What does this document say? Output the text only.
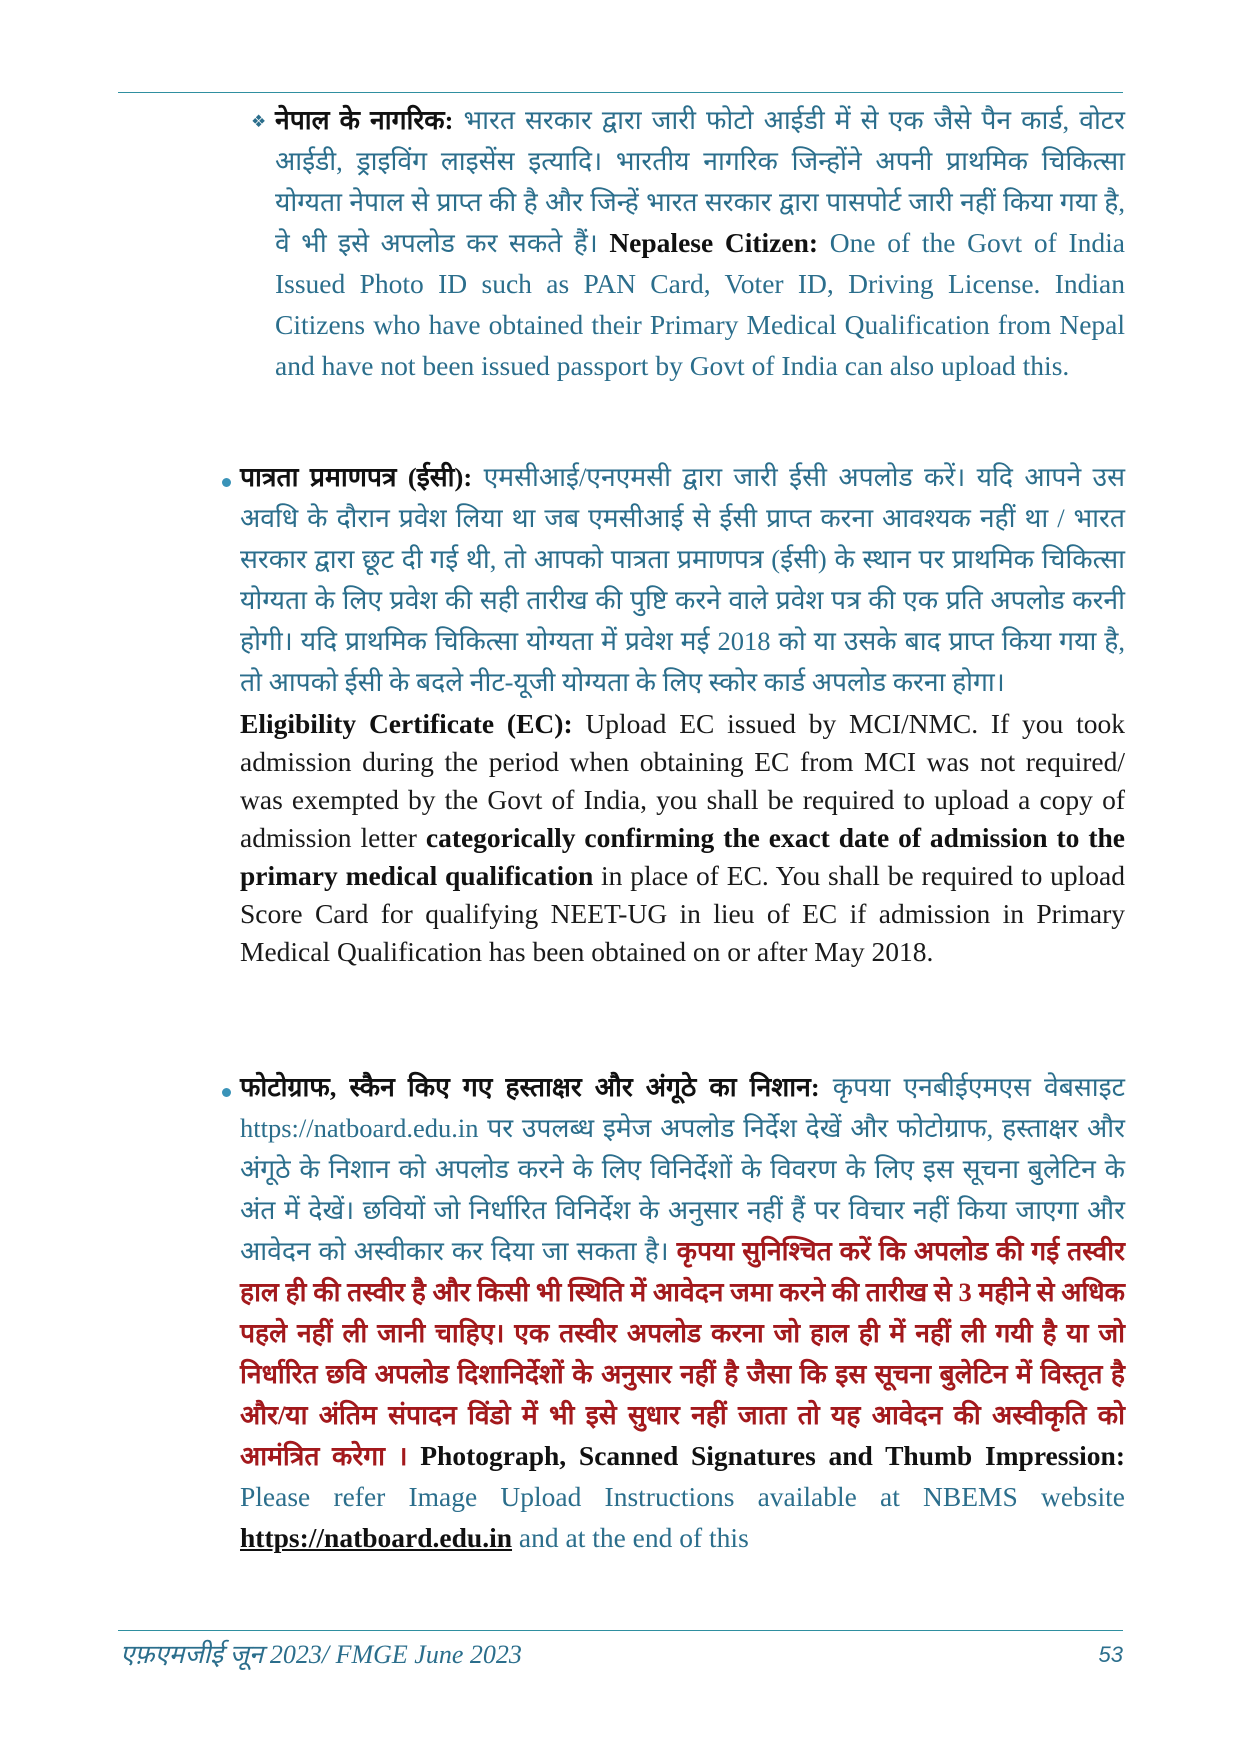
❖ नेपाल के नागरिक: भारत सरकार द्वारा जारी फोटो आईडी में से एक जैसे पैन कार्ड, वोटर आईडी, ड्राइविंग लाइसेंस इत्यादि। भारतीय नागरिक जिन्होंने अपनी प्राथमिक चिकित्सा योग्यता नेपाल से प्राप्त की है और जिन्हें भारत सरकार द्वारा पासपोर्ट जारी नहीं किया गया है, वे भी इसे अपलोड कर सकते हैं। Nepalese Citizen: One of the Govt of India Issued Photo ID such as PAN Card, Voter ID, Driving License. Indian Citizens who have obtained their Primary Medical Qualification from Nepal and have not been issued passport by Govt of India can also upload this.
पात्रता प्रमाणपत्र (ईसी): एमसीआई/एनएमसी द्वारा जारी ईसी अपलोड करें। यदि आपने उस अवधि के दौरान प्रवेश लिया था जब एमसीआई से ईसी प्राप्त करना आवश्यक नहीं था / भारत सरकार द्वारा छूट दी गई थी, तो आपको पात्रता प्रमाणपत्र (ईसी) के स्थान पर प्राथमिक चिकित्सा योग्यता के लिए प्रवेश की सही तारीख की पुष्टि करने वाले प्रवेश पत्र की एक प्रति अपलोड करनी होगी। यदि प्राथमिक चिकित्सा योग्यता में प्रवेश मई 2018 को या उसके बाद प्राप्त किया गया है, तो आपको ईसी के बदले नीट-यूजी योग्यता के लिए स्कोर कार्ड अपलोड करना होगा।
Eligibility Certificate (EC): Upload EC issued by MCI/NMC. If you took admission during the period when obtaining EC from MCI was not required/ was exempted by the Govt of India, you shall be required to upload a copy of admission letter categorically confirming the exact date of admission to the primary medical qualification in place of EC. You shall be required to upload Score Card for qualifying NEET-UG in lieu of EC if admission in Primary Medical Qualification has been obtained on or after May 2018.
फोटोग्राफ, स्कैन किए गए हस्ताक्षर और अंगूठे का निशान: कृपया एनबीईएमएस वेबसाइट https://natboard.edu.in पर उपलब्ध इमेज अपलोड निर्देश देखें और फोटोग्राफ, हस्ताक्षर और अंगूठे के निशान को अपलोड करने के लिए विनिर्देशों के विवरण के लिए इस सूचना बुलेटिन के अंत में देखें। छवियों जो निर्धारित विनिर्देश के अनुसार नहीं हैं पर विचार नहीं किया जाएगा और आवेदन को अस्वीकार कर दिया जा सकता है। कृपया सुनिश्चित करें कि अपलोड की गई तस्वीर हाल ही की तस्वीर है और किसी भी स्थिति में आवेदन जमा करने की तारीख से 3 महीने से अधिक पहले नहीं ली जानी चाहिए। एक तस्वीर अपलोड करना जो हाल ही में नहीं ली गयी है या जो निर्धारित छवि अपलोड दिशानिर्देशों के अनुसार नहीं है जैसा कि इस सूचना बुलेटिन में विस्तृत है और/या अंतिम संपादन विंडो में भी इसे सुधार नहीं जाता तो यह आवेदन की अस्वीकृति को आमंत्रित करेगा । Photograph, Scanned Signatures and Thumb Impression: Please refer Image Upload Instructions available at NBEMS website https://natboard.edu.in and at the end of this
एफ़एमजीई जून 2023/ FMGE June 2023	53
